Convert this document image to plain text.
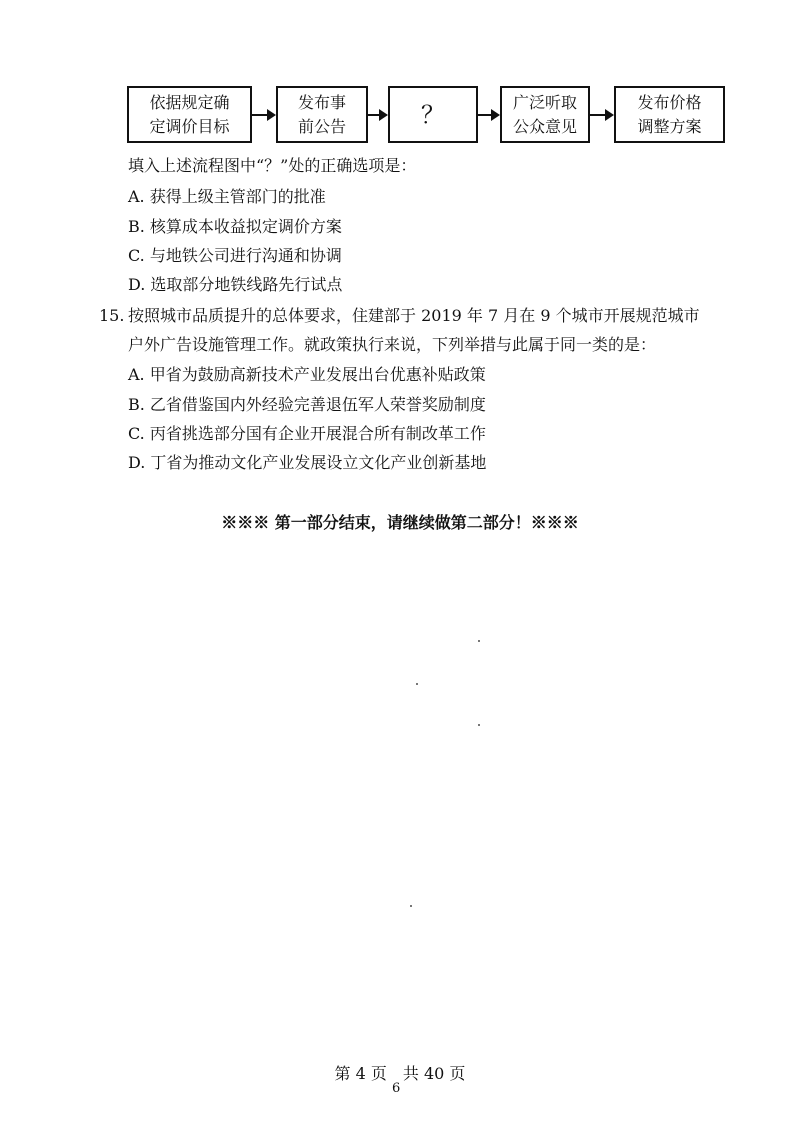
依据规定确
定调价目标
发布事
前公告	？	广泛听取
公众意见
发布价格
调整方案
填入上述流程图中“？”处的正确选项是：
A. 获得上级主管部门的批准
B. 核算成本收益拟定调价方案
C. 与地铁公司进行沟通和协调
D. 选取部分地铁线路先行试点
15. 按照城市品质提升的总体要求，住建部于 2019 年 7 月在 9 个城市开展规范城市
户外广告设施管理工作。就政策执行来说，下列举措与此属于同一类的是：
A. 甲省为鼓励高新技术产业发展出台优惠补贴政策
B. 乙省借鉴国内外经验完善退伍军人荣誉奖励制度
C. 丙省挑选部分国有企业开展混合所有制改革工作
D. 丁省为推动文化产业发展设立文化产业创新基地
※※※ 第一部分结束，请继续做第二部分！※※※
第 4 页　共 40 页
6
